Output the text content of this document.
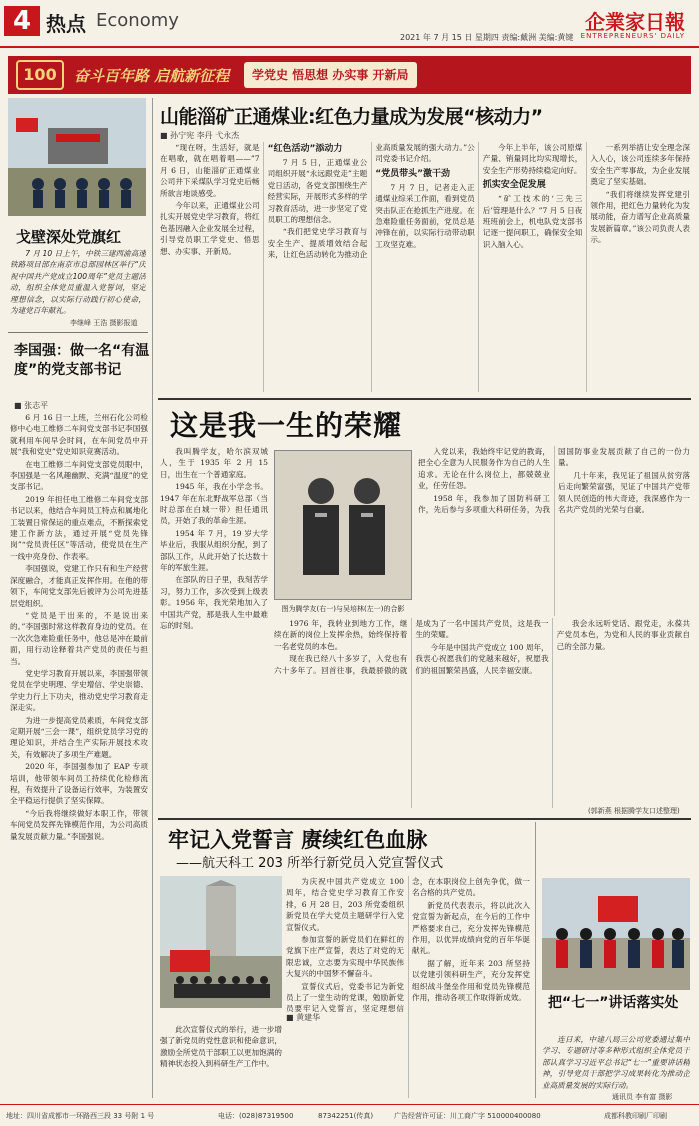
4 热点 Economy
2021 年 7 月 15 日 星期四 责编:戴洲 美编:黄键
企業家日報
ENTREPRENEURS' DAILY
100	奋斗百年路 启航新征程	学党史 悟思想 办实事 开新局
戈壁深处党旗红

7 月 10 日上午，中铁三建西渝高速铁路项目部在南京市总部园林区举行“庆祝中国共产党成立100周年”党员主题活动，组织全体党员重温入党誓词，坚定理想信念，以实际行动践行初心使命，为建党百年献礼。

李继峰 王浩 摄影报道
李国强：做一名“有温度”的党支部书记
■ 张志平

6 月 16 日一上班，兰州石化公司检修中心电工维修二车间党支部书记李国强就利用车间早会时间，在车间党员中开展“我和党史”党史知识竞赛活动。

在电工维修二车间党支部党员眼中，李国强是一名风趣幽默、充满“温度”的党支部书记。

2019 年担任电工维修二车间党支部书记以来，他结合车间员工特点和属地化工装置日常保运的重点难点，不断探索党建工作新方法，通过开展“党员先锋岗”“党员责任区”等活动，使党员在生产一线中亮身份、作表率。

李国强说，党建工作只有和生产经营深度融合，才能真正发挥作用。在他的带领下，车间党支部先后被评为公司先进基层党组织。

“党员是干出来的，不是说出来的。”李国强时常这样教育身边的党员。在一次次急难险重任务中，他总是冲在最前面，用行动诠释着共产党员的责任与担当。

党史学习教育开展以来，李国强带领党员在学史明理、学史增信、学史崇德、学史力行上下功夫，推动党史学习教育走深走实。

为进一步提高党员素质，车间党支部定期开展“三会一课”，组织党员学习党的理论知识，并结合生产实际开展技术攻关，有效解决了多项生产难题。

2020 年，李国强参加了 EAP 专项培训，他带领车间员工持续优化检修流程，有效提升了设备运行效率，为装置安全平稳运行提供了坚实保障。

“今后我将继续做好本职工作，带领车间党员发挥先锋模范作用，为公司高质量发展贡献力量。”李国强说。

山能淄矿正通煤业:红色力量成为发展“核动力”
■ 孙宁宪 李丹 弋永杰

“现在呀，生活好，就是在唱歌，就在唱着唱——”7 月 6 日，山能淄矿正通煤业公司井下采煤队学习党史后畅所欲言地谈感受。

今年以来，正通煤业公司扎实开展党史学习教育，将红色基因融入企业发展全过程，引导党员职工学党史、悟思想、办实事、开新局。

“红色活动”添动力

7 月 5 日，正通煤业公司组织开展“永远跟党走”主题党日活动，各党支部围绕生产经营实际，开展形式多样的学习教育活动，进一步坚定了党员职工的理想信念。

“我们把党史学习教育与安全生产、提质增效结合起来，让红色活动转化为推动企业高质量发展的强大动力。”公司党委书记介绍。

“党员带头”激干劲

7 月 7 日，记者走入正通煤业综采工作面，看到党员突击队正在抢抓生产进度。在急难险重任务面前，党员总是冲锋在前，以实际行动带动职工攻坚克难。

今年上半年，该公司原煤产量、销量同比均实现增长，安全生产形势持续稳定向好。

抓实安全促发展

“矿工技术的‘三先三后’管理是什么？”7 月 5 日夜班班前会上，机电队党支部书记逐一提问职工，确保安全知识入脑入心。

一系列举措让安全理念深入人心，该公司连续多年保持安全生产零事故，为企业发展奠定了坚实基础。

“我们将继续发挥党建引领作用，把红色力量转化为发展动能，奋力谱写企业高质量发展新篇章。”该公司负责人表示。

这是我一生的荣耀

我叫腾学友，哈尔滨双城人，生于 1935 年 2 月 15 日，出生在一个普通家庭。

1945 年，我在小学念书。1947 年在东北野战军总部（当时总部在白城一带）担任通讯员，开始了我的革命生涯。

1954 年 7 月，19 岁大学毕业后，我服从组织分配，到了部队工作，从此开始了长达数十年的军旅生涯。

在部队的日子里，我刻苦学习，努力工作，多次受到上级表彰。1956 年，我光荣地加入了中国共产党，那是我人生中最难忘的时刻。

图为腾学友(右一)与吴培林(左一)的合影

1976 年，我转业到地方工作，继续在新的岗位上发挥余热，始终保持着一名老党员的本色。

现在我已经八十多岁了，入党也有六十多年了。回首往事，我最骄傲的就是成为了一名中国共产党员，这是我一生的荣耀。

今年是中国共产党成立 100 周年，我衷心祝愿我们的党越来越好，祝愿我们的祖国繁荣昌盛，人民幸福安康。

我会永远听党话、跟党走，永葆共产党员本色，为党和人民的事业贡献自己的全部力量。

入党以来，我始终牢记党的教诲，把全心全意为人民服务作为自己的人生追求。无论在什么岗位上，都兢兢业业，任劳任怨。

1958 年，我参加了国防科研工作，先后参与多项重大科研任务，为我国国防事业发展贡献了自己的一份力量。

几十年来，我见证了祖国从贫穷落后走向繁荣富强，见证了中国共产党带领人民创造的伟大奇迹，我深感作为一名共产党员的光荣与自豪。

(郭新燕 根据腾学友口述整理)
牢记入党誓言 赓续红色血脉
——航天科工 203 所举行新党员入党宣誓仪式
■ 黄建华

为庆祝中国共产党成立 100 周年，结合党史学习教育工作安排，6 月 28 日，203 所党委组织新党员在学大党员主题研学行入党宣誓仪式。

参加宣誓的新党员们在鲜红的党旗下庄严宣誓，表达了对党的无限忠诚，立志要为实现中华民族伟大复兴的中国梦不懈奋斗。

宣誓仪式后，党委书记为新党员上了一堂生动的党课，勉励新党员要牢记入党誓言，坚定理想信念，在本职岗位上创先争优，做一名合格的共产党员。

新党员代表表示，将以此次入党宣誓为新起点，在今后的工作中严格要求自己，充分发挥先锋模范作用，以优异成绩向党的百年华诞献礼。

据了解，近年来 203 所坚持以党建引领科研生产，充分发挥党组织战斗堡垒作用和党员先锋模范作用，推动各项工作取得新成效。

此次宣誓仪式的举行，进一步增强了新党员的党性意识和使命意识，激励全所党员干部职工以更加饱满的精神状态投入到科研生产工作中。

把“七一”讲话落实处

连日来，中建八局三公司党委通过集中学习、专题研讨等多种形式组织全体党员干部认真学习习近平总书记“七一”重要讲话精神，引导党员干部把学习成果转化为推动企业高质量发展的实际行动。

通讯员 李有富 摄影
地址：四川省成都市一环路西三段 33 号附 1 号	电话：(028)87319500	87342251(传真)	广告经营许可证：川工商广字 510000400080	成都科教印刷厂印刷
